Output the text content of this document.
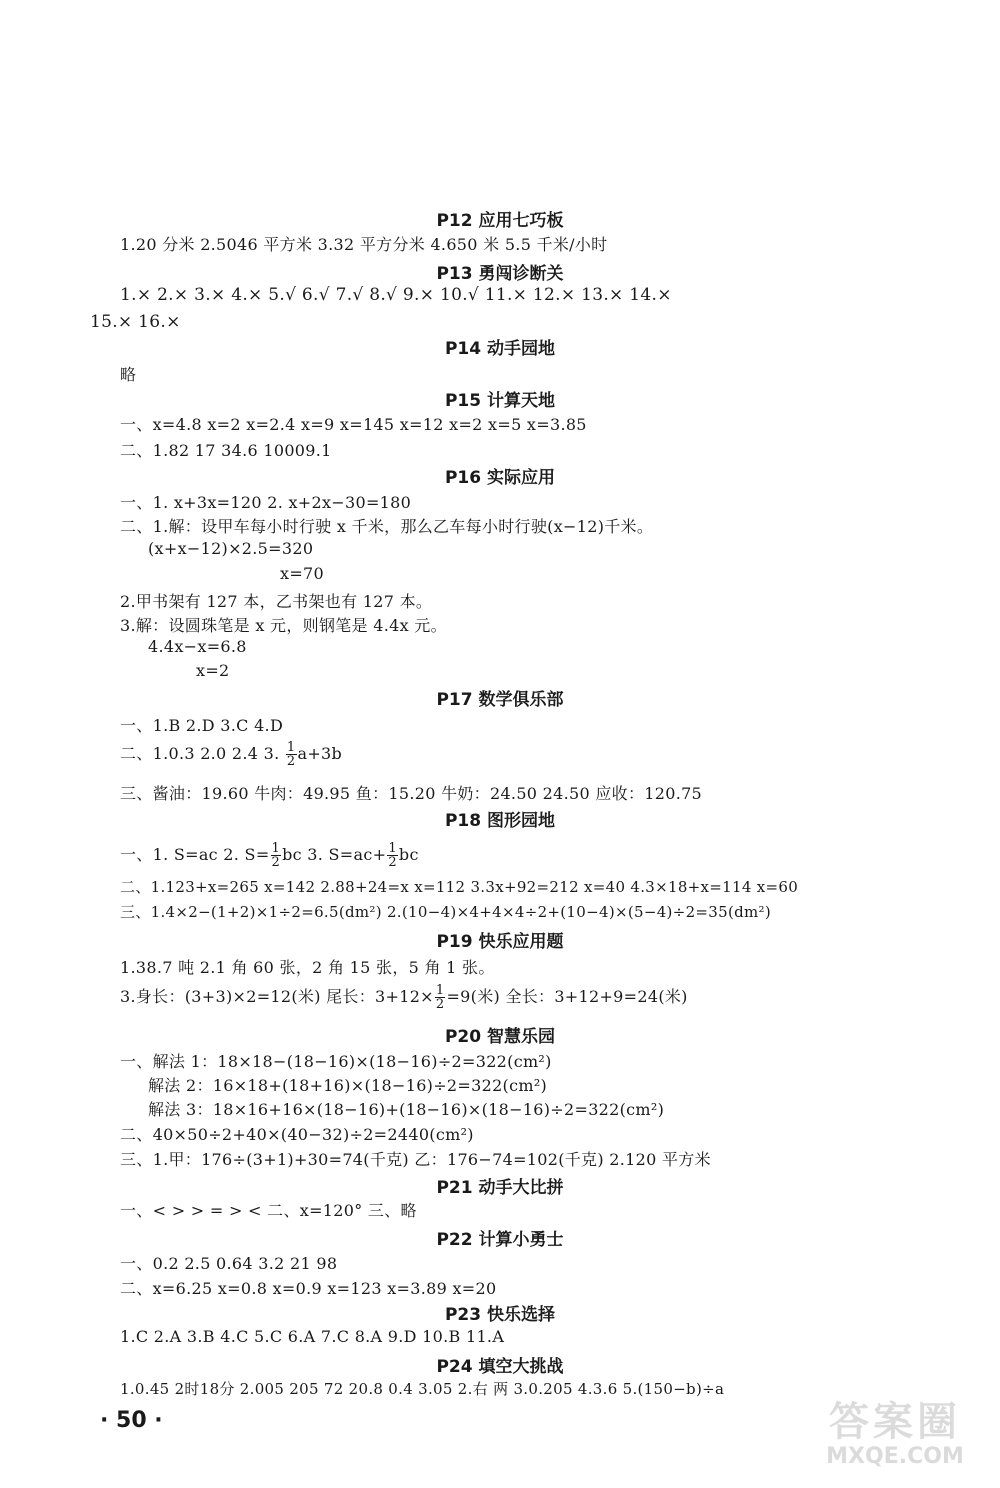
P12 应用七巧板
1.20 分米 2.5046 平方米 3.32 平方分米 4.650 米 5.5 千米/小时
P13 勇闯诊断关
1.× 2.× 3.× 4.× 5.√ 6.√ 7.√ 8.√ 9.× 10.√ 11.× 12.× 13.× 14.×
15.× 16.×
P14 动手园地
略
P15 计算天地
一、x=4.8 x=2 x=2.4 x=9 x=145 x=12 x=2 x=5 x=3.85
二、1.82 17 34.6 10009.1
P16 实际应用
一、1. x+3x=120 2. x+2x−30=180
二、1.解：设甲车每小时行驶 x 千米，那么乙车每小时行驶(x−12)千米。
(x+x−12)×2.5=320
x=70
2.甲书架有 127 本，乙书架也有 127 本。
3.解：设圆珠笔是 x 元，则钢笔是 4.4x 元。
4.4x−x=6.8
x=2
P17 数学俱乐部
一、1.B 2.D 3.C 4.D
二、1.0.3 2.0 2.4 3. $\frac{1}{2} a+3b$
三、酱油：19.60 牛肉：49.95 鱼：15.20 牛奶：24.50 24.50 应收：120.75
P18 图形园地
一、1. S=ac 2. $S= \frac{1}{2}$ bc 3. $S=ac+ \frac{1}{2}$ bc
二、1.123+x=265 x=142 2.88+24=x x=112 3.3x+92=212 x=40 4.3×18+x=114 x=60
三、1.4×2−(1+2)×1÷2=6.5(dm²) 2.(10−4)×4+4×4÷2+(10−4)×(5−4)÷2=35(dm²)
P19 快乐应用题
1.38.7 吨 2.1 角 60 张，2 角 15 张，5 角 1 张。
3.身长：(3+3)×2=12(米) 尾长：$3+12\times \frac{1}{2} =9$(米) 全长：3+12+9=24(米)
P20 智慧乐园
一、解法 1：18×18−(18−16)×(18−16)÷2=322(cm²)
解法 2：16×18+(18+16)×(18−16)÷2=322(cm²)
解法 3：18×16+16×(18−16)+(18−16)×(18−16)÷2=322(cm²)
二、40×50÷2+40×(40−32)÷2=2440(cm²)
三、1.甲：176÷(3+1)+30=74(千克) 乙：176−74=102(千克) 2.120 平方米
P21 动手大比拼
一、< > > = > < 二、x=120° 三、略
P22 计算小勇士
一、0.2 2.5 0.64 3.2 21 98
二、x=6.25 x=0.8 x=0.9 x=123 x=3.89 x=20
P23 快乐选择
1.C 2.A 3.B 4.C 5.C 6.A 7.C 8.A 9.D 10.B 11.A
P24 填空大挑战
1.0.45 2时18分 2.005 205 72 20.8 0.4 3.05 2.右 两 3.0.205 4.3.6 5.(150−b)÷a
· 50 ·	答案圈
MXQE.COM
